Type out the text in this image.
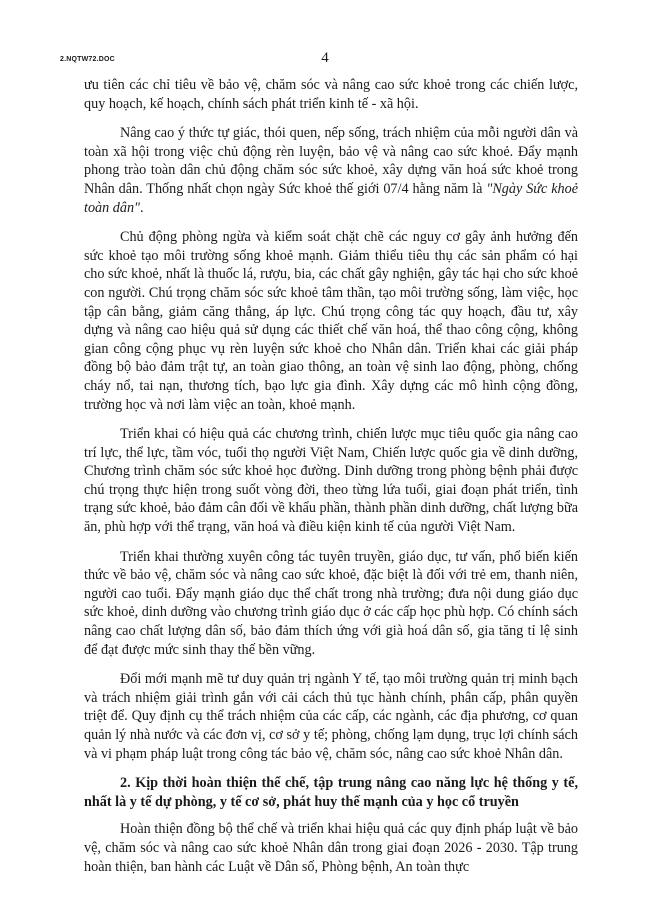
2.NQTW72.DOC	4

ưu tiên các chỉ tiêu về bảo vệ, chăm sóc và nâng cao sức khoẻ trong các chiến lược, quy hoạch, kế hoạch, chính sách phát triển kinh tế - xã hội.

Nâng cao ý thức tự giác, thói quen, nếp sống, trách nhiệm của mỗi người dân và toàn xã hội trong việc chủ động rèn luyện, bảo vệ và nâng cao sức khoẻ. Đẩy mạnh phong trào toàn dân chủ động chăm sóc sức khoẻ, xây dựng văn hoá sức khoẻ trong Nhân dân. Thống nhất chọn ngày Sức khoẻ thế giới 07/4 hằng năm là "Ngày Sức khoẻ toàn dân".

Chủ động phòng ngừa và kiểm soát chặt chẽ các nguy cơ gây ảnh hưởng đến sức khoẻ tạo môi trường sống khoẻ mạnh. Giảm thiểu tiêu thụ các sản phẩm có hại cho sức khoẻ, nhất là thuốc lá, rượu, bia, các chất gây nghiện, gây tác hại cho sức khoẻ con người. Chú trọng chăm sóc sức khoẻ tâm thần, tạo môi trường sống, làm việc, học tập cân bằng, giảm căng thẳng, áp lực. Chú trọng công tác quy hoạch, đầu tư, xây dựng và nâng cao hiệu quả sử dụng các thiết chế văn hoá, thể thao công cộng, không gian công cộng phục vụ rèn luyện sức khoẻ cho Nhân dân. Triển khai các giải pháp đồng bộ bảo đảm trật tự, an toàn giao thông, an toàn vệ sinh lao động, phòng, chống cháy nổ, tai nạn, thương tích, bạo lực gia đình. Xây dựng các mô hình cộng đồng, trường học và nơi làm việc an toàn, khoẻ mạnh.

Triển khai có hiệu quả các chương trình, chiến lược mục tiêu quốc gia nâng cao trí lực, thể lực, tầm vóc, tuổi thọ người Việt Nam, Chiến lược quốc gia về dinh dưỡng, Chương trình chăm sóc sức khoẻ học đường. Dinh dưỡng trong phòng bệnh phải được chú trọng thực hiện trong suốt vòng đời, theo từng lứa tuổi, giai đoạn phát triển, tình trạng sức khoẻ, bảo đảm cân đối về khẩu phần, thành phần dinh dưỡng, chất lượng bữa ăn, phù hợp với thể trạng, văn hoá và điều kiện kinh tế của người Việt Nam.

Triển khai thường xuyên công tác tuyên truyền, giáo dục, tư vấn, phổ biến kiến thức về bảo vệ, chăm sóc và nâng cao sức khoẻ, đặc biệt là đối với trẻ em, thanh niên, người cao tuổi. Đẩy mạnh giáo dục thể chất trong nhà trường; đưa nội dung giáo dục sức khoẻ, dinh dưỡng vào chương trình giáo dục ở các cấp học phù hợp. Có chính sách nâng cao chất lượng dân số, bảo đảm thích ứng với già hoá dân số, gia tăng tỉ lệ sinh để đạt được mức sinh thay thế bền vững.

Đổi mới mạnh mẽ tư duy quản trị ngành Y tế, tạo môi trường quản trị minh bạch và trách nhiệm giải trình gắn với cải cách thủ tục hành chính, phân cấp, phân quyền triệt để. Quy định cụ thể trách nhiệm của các cấp, các ngành, các địa phương, cơ quan quản lý nhà nước và các đơn vị, cơ sở y tế; phòng, chống lạm dụng, trục lợi chính sách và vi phạm pháp luật trong công tác bảo vệ, chăm sóc, nâng cao sức khoẻ Nhân dân.

2. Kịp thời hoàn thiện thể chế, tập trung nâng cao năng lực hệ thống y tế, nhất là y tế dự phòng, y tế cơ sở, phát huy thế mạnh của y học cổ truyền

Hoàn thiện đồng bộ thể chế và triển khai hiệu quả các quy định pháp luật về bảo vệ, chăm sóc và nâng cao sức khoẻ Nhân dân trong giai đoạn 2026 - 2030. Tập trung hoàn thiện, ban hành các Luật về Dân số, Phòng bệnh, An toàn thực
